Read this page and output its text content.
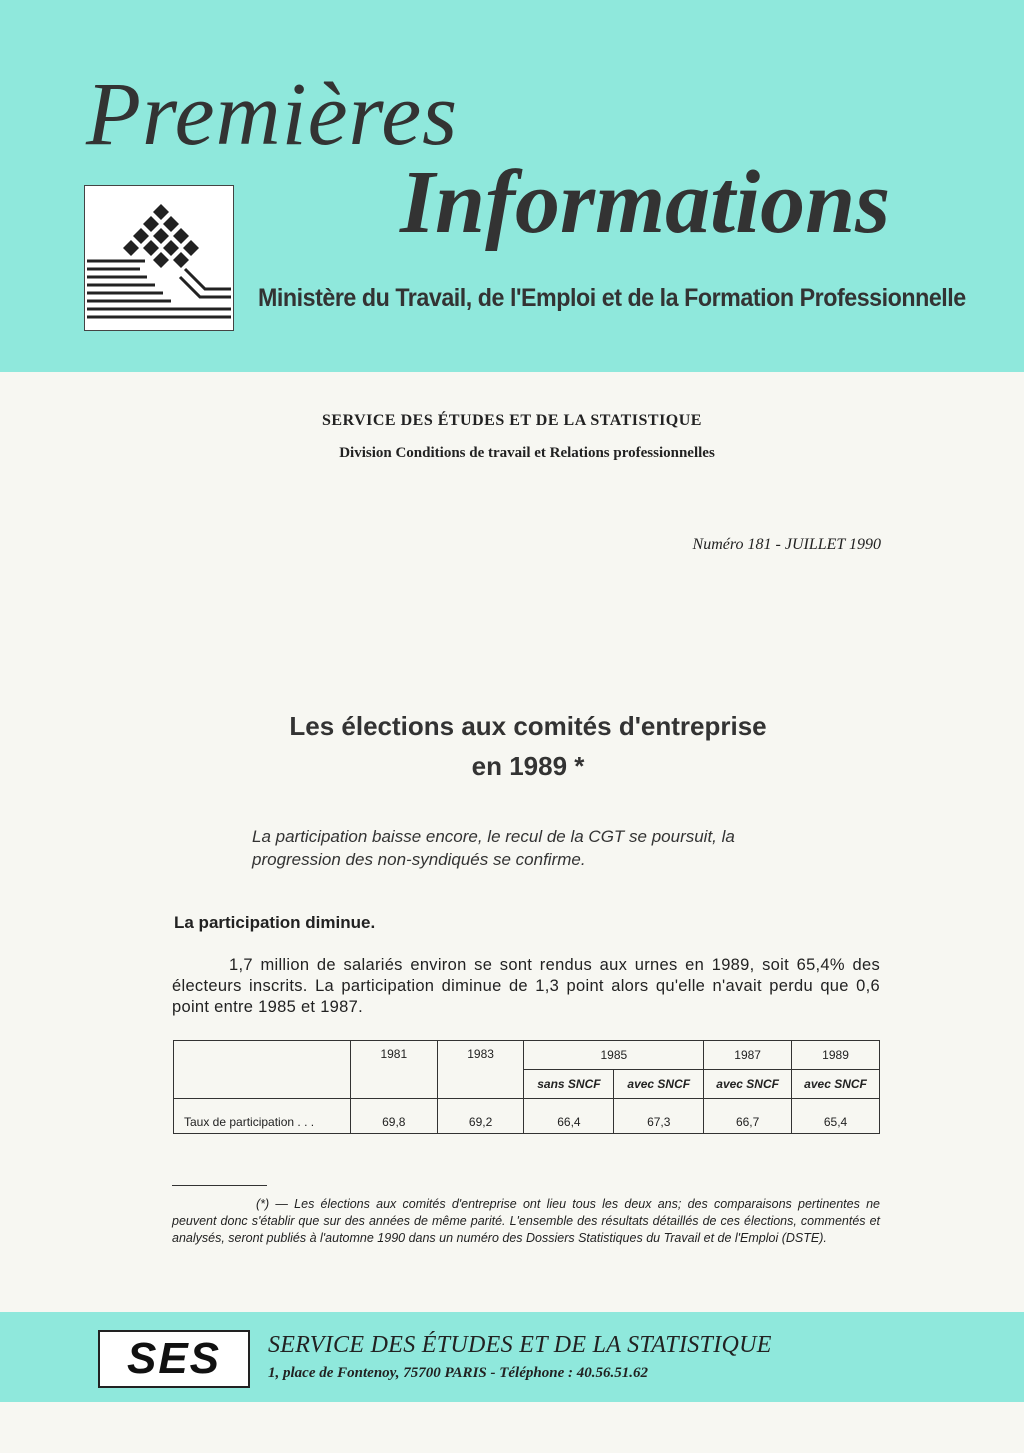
Premières
Informations
Ministère du Travail, de l'Emploi et de la Formation Professionnelle
SERVICE DES ÉTUDES ET DE LA STATISTIQUE
Division Conditions de travail et Relations professionnelles
Numéro 181 - JUILLET 1990
Les élections aux comités d'entreprise
en 1989 *
La participation baisse encore, le recul de la CGT se poursuit, la progression des non-syndiqués se confirme.
La participation diminue.
1,7 million de salariés environ se sont rendus aux urnes en 1989, soit 65,4% des électeurs inscrits. La participation diminue de 1,3 point alors qu'elle n'avait perdu que 0,6 point entre 1985 et 1987.
	1981	1983	1985		1987	1989
			sans SNCF	avec SNCF	avec SNCF	avec SNCF
Taux de participation . . .	69,8	69,2	66,4	67,3	66,7	65,4
(*) — Les élections aux comités d'entreprise ont lieu tous les deux ans; des comparaisons pertinentes ne peuvent donc s'établir que sur des années de même parité. L'ensemble des résultats détaillés de ces élections, commentés et analysés, seront publiés à l'automne 1990 dans un numéro des Dossiers Statistiques du Travail et de l'Emploi (DSTE).
SES	SERVICE DES ÉTUDES ET DE LA STATISTIQUE
1, place de Fontenoy, 75700 PARIS - Téléphone : 40.56.51.62
